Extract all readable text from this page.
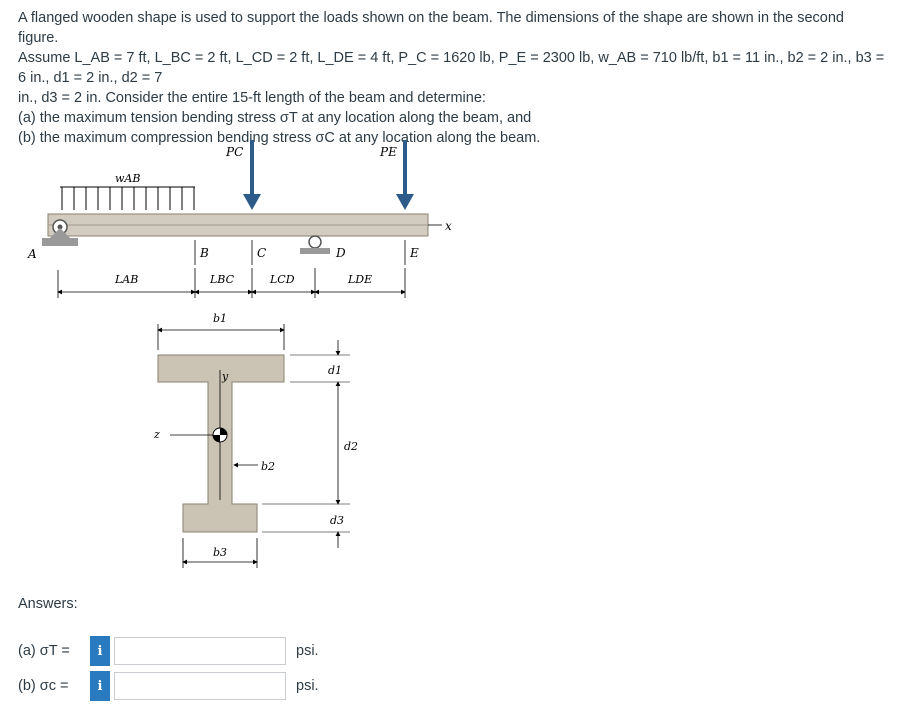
A flanged wooden shape is used to support the loads shown on the beam. The dimensions of the shape are shown in the second figure.

Assume L_AB = 7 ft, L_BC = 2 ft, L_CD = 2 ft, L_DE = 4 ft, P_C = 1620 lb, P_E = 2300 lb, w_AB = 710 lb/ft, b1 = 11 in., b2 = 2 in., b3 = 6 in., d1 = 2 in., d2 = 7

in., d3 = 2 in. Consider the entire 15-ft length of the beam and determine:

(a) the maximum tension bending stress σT at any location along the beam, and

(b) the maximum compression bending stress σC at any location along the beam.

wAB
PC	PE
x
A	B	C	D	E
LAB	LBC	LCD	LDE
b1
y
z
b2
d1
d2
d3
b3
Answers:
(a) σT =	i	psi.
(b) σc =	i	psi.
